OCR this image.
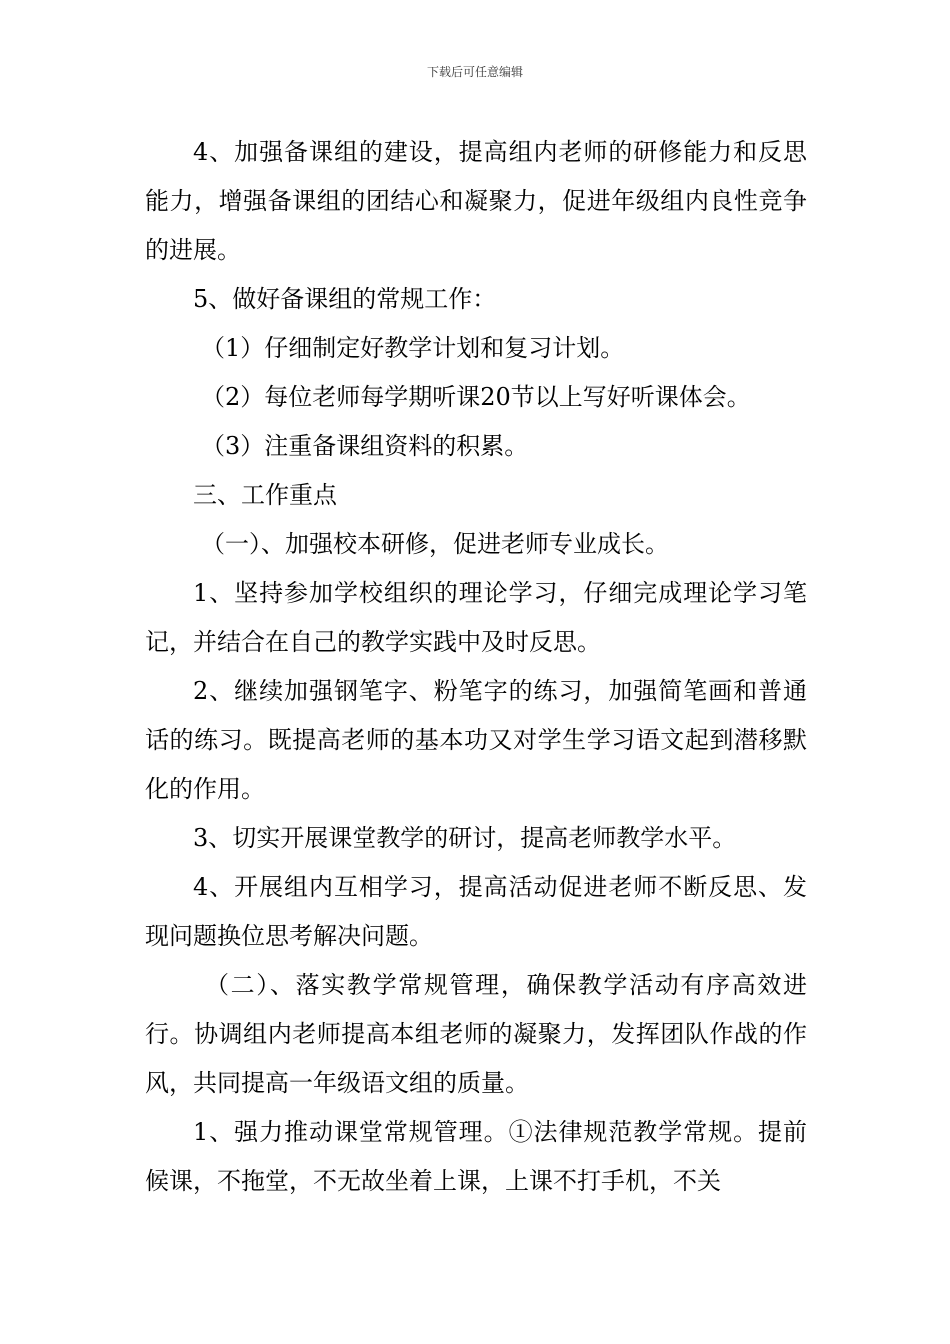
下载后可任意编辑

4、加强备课组的建设，提高组内老师的研修能力和反思能力，增强备课组的团结心和凝聚力，促进年级组内良性竞争的进展。

5、做好备课组的常规工作：

（1）仔细制定好教学计划和复习计划。

（2）每位老师每学期听课20节以上写好听课体会。

（3）注重备课组资料的积累。

三、工作重点

（一）、加强校本研修，促进老师专业成长。

1、坚持参加学校组织的理论学习，仔细完成理论学习笔记，并结合在自己的教学实践中及时反思。

2、继续加强钢笔字、粉笔字的练习，加强简笔画和普通话的练习。既提高老师的基本功又对学生学习语文起到潜移默化的作用。

3、切实开展课堂教学的研讨，提高老师教学水平。

4、开展组内互相学习，提高活动促进老师不断反思、发现问题换位思考解决问题。

（二）、落实教学常规管理，确保教学活动有序高效进行。协调组内老师提高本组老师的凝聚力，发挥团队作战的作风，共同提高一年级语文组的质量。

1、强力推动课堂常规管理。①法律规范教学常规。提前候课，不拖堂，不无故坐着上课，上课不打手机，不关
